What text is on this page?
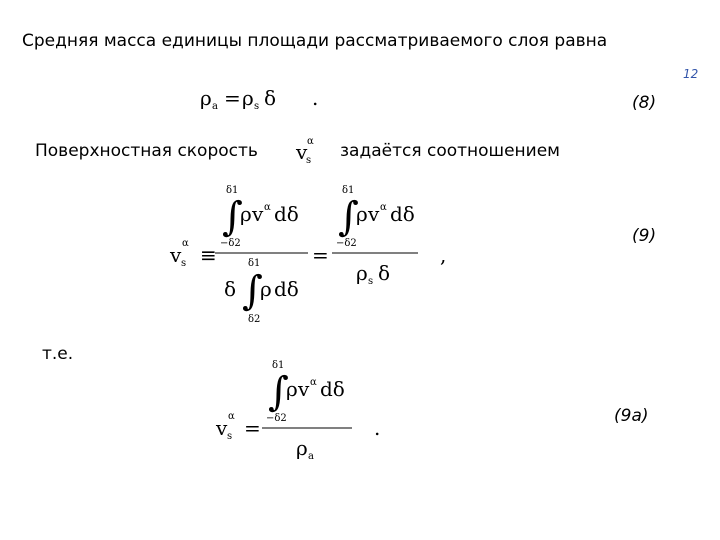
Средняя масса единицы площади рассматриваемого слоя равна
12
ρ a = ρ s δ .	(8)
Поверхностная скорость v
s
α задаётся соотношением
v s
α ≡
δ1
∫
−δ2
ρ v α dδ
δ
δ1
∫
δ2
ρ dδ
=
δ1
∫
−δ2
ρ v α dδ
ρ s δ
,
(9)
т.е.
v s
α =
δ1
∫
−δ2
ρ v α dδ
ρ a
.	(9а)
